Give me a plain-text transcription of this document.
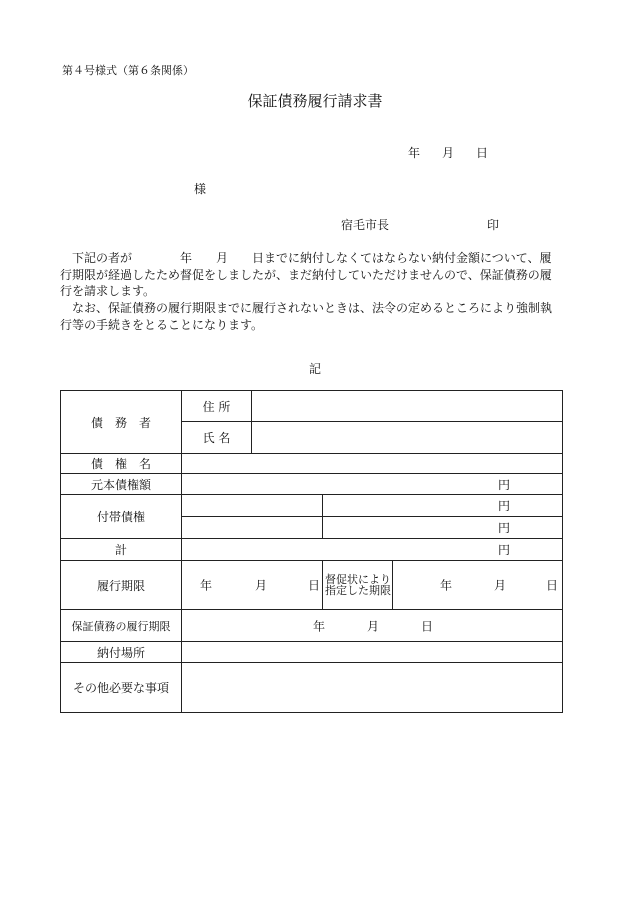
第４号様式（第６条関係）
保証債務履行請求書
年 月 日
様
宿毛市長	印
下記の者が　　　　年　　月　　日までに納付しなくてはならない納付金額について、履行期限が経過したため督促をしましたが、まだ納付していただけませんので、保証債務の履行を請求します。
なお、保証債務の履行期限までに履行されないときは、法令の定めるところにより強制執行等の手続きをとることになります。
記
債　務　者	住 所			
	氏 名			
債　権　名				
元本債権額	円			
付帯債権			円	
			円	
計	円			
履行期限	年 月 日		督促状により指定した期限	年 月 日

保証債務の履行期限	年 月 日			

納付場所				
その他必要な事項				
